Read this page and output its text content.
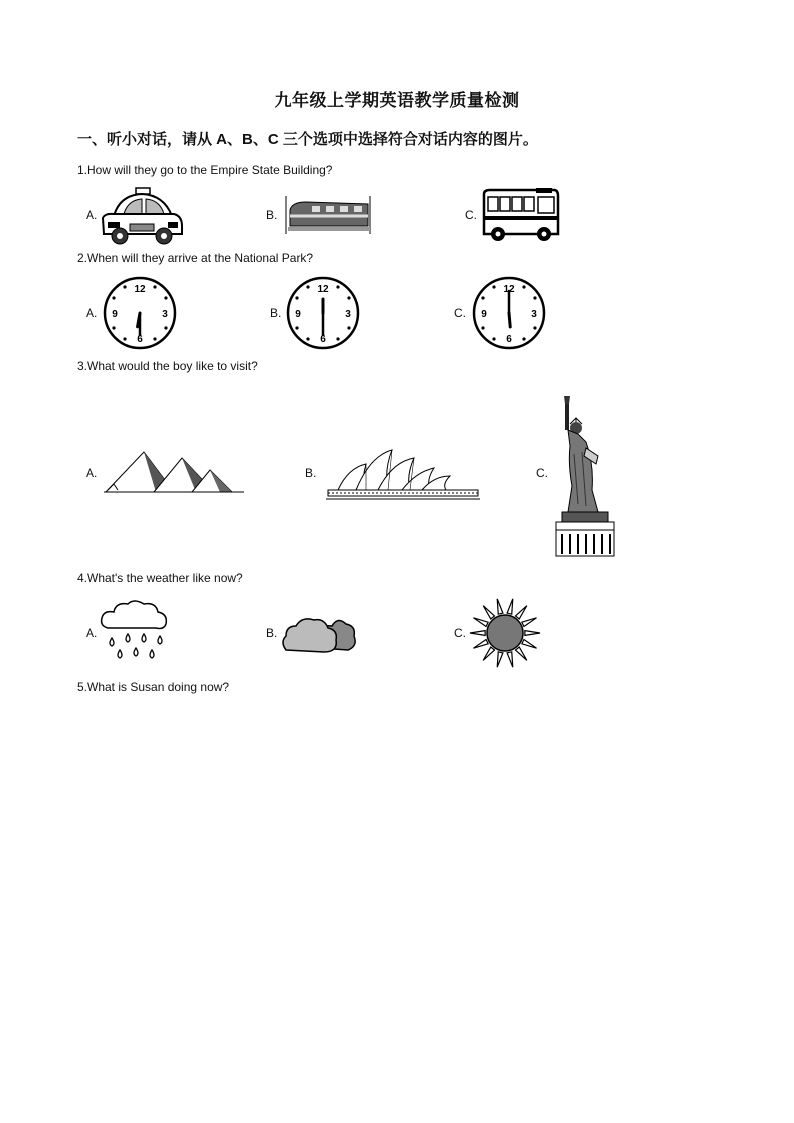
九年级上学期英语教学质量检测
一、听小对话，请从 A、B、C 三个选项中选择符合对话内容的图片。
1.How will they go to the Empire State Building?
A.	B.	C.
2.When will they arrive at the National Park?
A.
12
3
6
9	B.
12
3
6
9	C.
12
3
6
9
3.What would the boy like to visit?
A.	B.	C.
4.What's the weather like now?
A.	B.	C.
5.What is Susan doing now?
